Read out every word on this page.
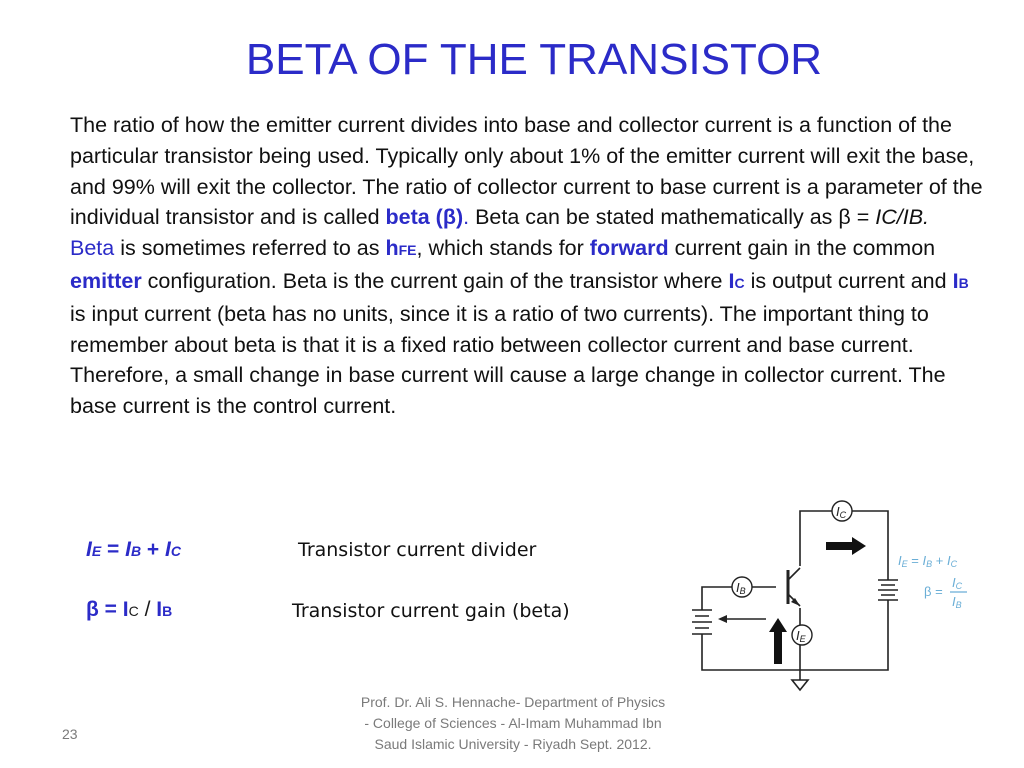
BETA OF THE TRANSISTOR

The ratio of how the emitter current divides into base and collector current is a function of the particular transistor being used. Typically only about 1% of the emitter current will exit the base, and 99% will exit the collector. The ratio of collector current to base current is a parameter of the individual transistor and is called beta (β). Beta can be stated mathematically as β = IC/IB.

Beta is sometimes referred to as hFE, which stands for forward current gain in the common emitter configuration. Beta is the current gain of the transistor where IC is output current and IB is input current (beta has no units, since it is a ratio of two currents). The important thing to remember about beta is that it is a fixed ratio between collector current and base current. Therefore, a small change in base current will cause a large change in collector current. The base current is the control current.

IE = IB + IC	Transistor current divider
β = IC / IB	Transistor current gain (beta)
IC
IB
IE
IE = IB + IC
β =
IC
IB
Prof. Dr. Ali S. Hennache- Department of Physics - College of Sciences - Al-Imam Muhammad Ibn Saud Islamic University - Riyadh Sept. 2012.
23
